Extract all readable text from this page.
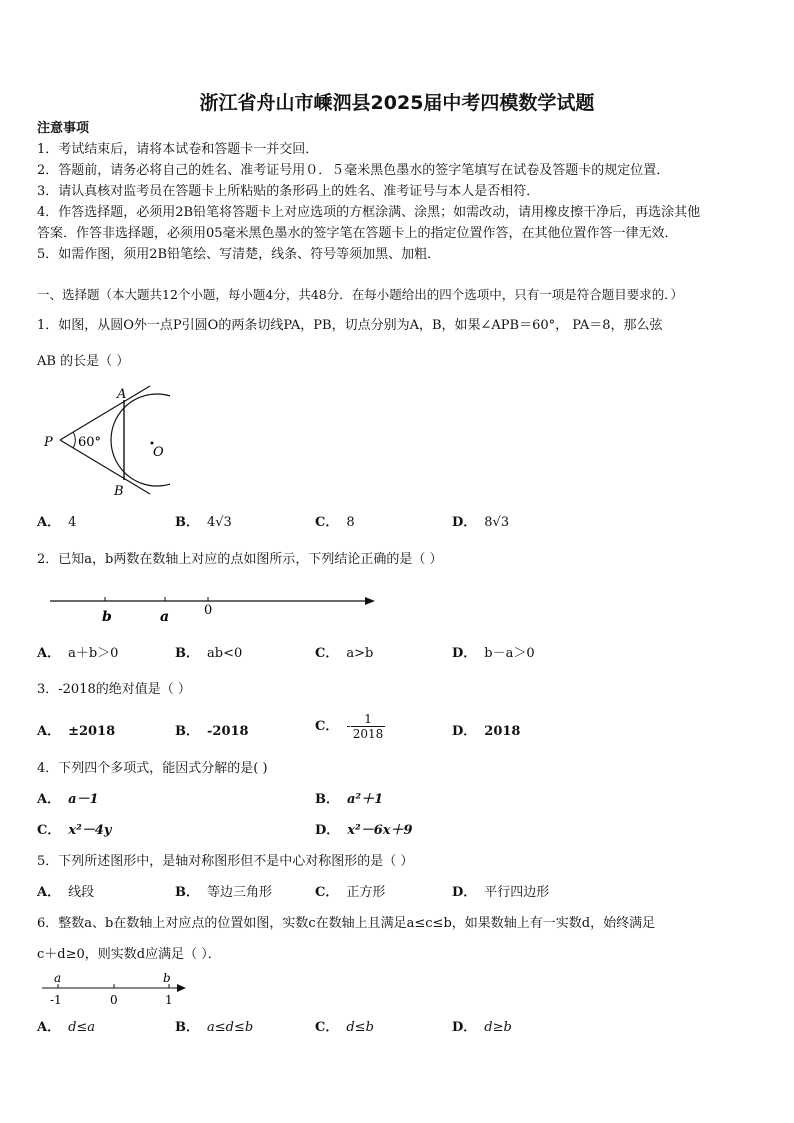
浙江省舟山市嵊泗县2025届中考四模数学试题
注意事项
1．考试结束后，请将本试卷和答题卡一并交回．
2．答题前，请务必将自己的姓名、准考证号用０．５毫米黑色墨水的签字笔填写在试卷及答题卡的规定位置．
3．请认真核对监考员在答题卡上所粘贴的条形码上的姓名、准考证号与本人是否相符．
4．作答选择题，必须用2B铅笔将答题卡上对应选项的方框涂满、涂黑；如需改动，请用橡皮擦干净后，再选涂其他
答案．作答非选择题，必须用05毫米黑色墨水的签字笔在答题卡上的指定位置作答，在其他位置作答一律无效．
5．如需作图，须用2B铅笔绘、写清楚，线条、符号等须加黑、加粗．
一、选择题（本大题共12个小题，每小题4分，共48分．在每小题给出的四个选项中，只有一项是符合题目要求的．）
1．如图，从圆O外一点P引圆O的两条切线PA，PB，切点分别为A，B，如果∠APB＝60°， PA＝8，那么弦
AB 的长是（ ）
P
A
B
O
60°
A． 4	B． 4√3	C． 8	D． 8√3
2．已知a，b两数在数轴上对应的点如图所示，下列结论正确的是（ ）
b	a	0
A． a＋b＞0	B． ab<0	C． a>b	D． b－a＞0
3．-2018的绝对值是（ ）
A． ±2018	B． -2018	C． - $\frac{1}{2018}$	D． 2018
4．下列四个多项式，能因式分解的是( )
A． a－1	B． a²＋1
C． x²－4y	D． x²－6x＋9
5．下列所述图形中，是轴对称图形但不是中心对称图形的是（ ）
A． 线段	B． 等边三角形	C． 正方形	D． 平行四边形
6．整数a、b在数轴上对应点的位置如图，实数c在数轴上且满足a≤c≤b，如果数轴上有一实数d，始终满足
c＋d≥0，则实数d应满足（ ）．
a	b
-1	0	1
A． d≤a	B． a≤d≤b	C． d≤b	D． d≥b
